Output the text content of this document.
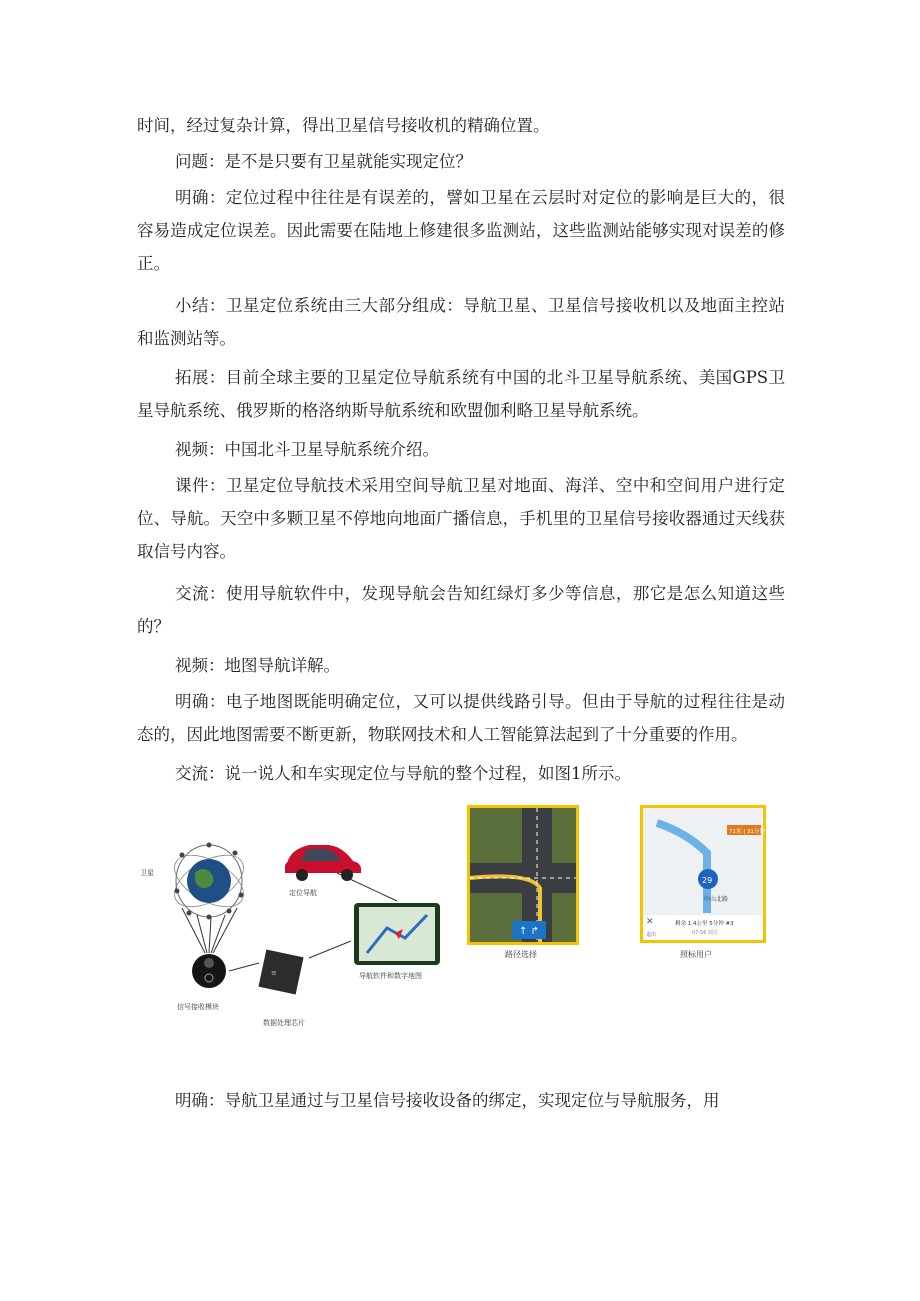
时间，经过复杂计算，得出卫星信号接收机的精确位置。

问题：是不是只要有卫星就能实现定位？

明确：定位过程中往往是有误差的，譬如卫星在云层时对定位的影响是巨大的，很容易造成定位误差。因此需要在陆地上修建很多监测站，这些监测站能够实现对误差的修正。

小结：卫星定位系统由三大部分组成：导航卫星、卫星信号接收机以及地面主控站和监测站等。

拓展：目前全球主要的卫星定位导航系统有中国的北斗卫星导航系统、美国GPS卫星导航系统、俄罗斯的格洛纳斯导航系统和欧盟伽利略卫星导航系统。

视频：中国北斗卫星导航系统介绍。

课件：卫星定位导航技术采用空间导航卫星对地面、海洋、空中和空间用户进行定位、导航。天空中多颗卫星不停地向地面广播信息，手机里的卫星信号接收器通过天线获取信号内容。

交流：使用导航软件中，发现导航会告知红绿灯多少等信息，那它是怎么知道这些的？

视频：地图导航详解。

明确：电子地图既能明确定位，又可以提供线路引导。但由于导航的过程往往是动态的，因此地图需要不断更新，物联网技术和人工智能算法起到了十分重要的作用。

交流：说一说人和车实现定位与导航的整个过程，如图1所示。

卫星
信号接收模块
≡
数据处理芯片
导航软件和数字地图
定位导航
↑ ↱
71米 | 31分钟
29
中山北路
剩余 1.4公里 5分钟 #3
07:56 到达
退出
✕
路径选择	照标用户

明确：导航卫星通过与卫星信号接收设备的绑定，实现定位与导航服务，用
